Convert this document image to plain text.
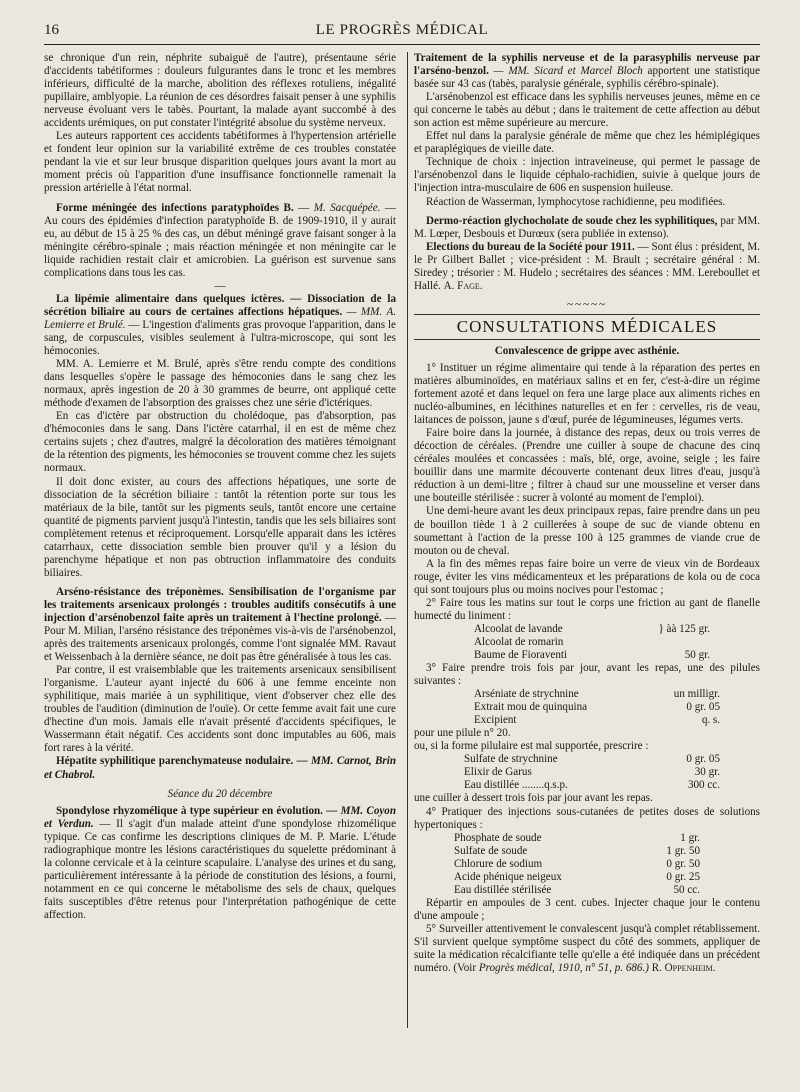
16	LE PROGRÈS MÉDICAL

se chronique d'un rein, néphrite subaiguë de l'autre), présentaune série d'accidents tabétiformes : douleurs fulgurantes dans le tronc et les membres inférieurs, difficulté de la marche, abolition des réflexes rotuliens, inégalité pupillaire, amblyopie. La réunion de ces désordres faisait penser à une syphilis nerveuse évoluant vers le tabès. Pourtant, la malade ayant succombé à des accidents urémiques, on put constater l'intégrité absolue du système nerveux.

Les auteurs rapportent ces accidents tabétiformes à l'hypertension artérielle et fondent leur opinion sur la variabilité extrême de ces troubles constatée pendant la vie et sur leur brusque disparition quelques jours avant la mort au moment précis où l'apparition d'une insuffisance fonctionnelle ramenait la pression artérielle à l'état normal.

Forme méningée des infections paratyphoïdes B. — M. Sacquépée. — Au cours des épidémies d'infection paratyphoïde B. de 1909-1910, il y aurait eu, au début de 15 à 25 % des cas, un début méningé grave faisant songer à la méningite cérébro-spinale ; mais réaction méningée et non méningite car le liquide rachidien restait clair et amicrobien. La guérison est survenue sans complications dans tous les cas.

—

La lipémie alimentaire dans quelques ictères. — Dissociation de la sécrétion biliaire au cours de certaines affections hépatiques. — MM. A. Lemierre et Brulé. — L'ingestion d'aliments gras provoque l'apparition, dans le sang, de corpuscules, visibles seulement à l'ultra-microscope, qui sont les hémoconies.

MM. A. Lemierre et M. Brulé, après s'être rendu compte des conditions dans lesquelles s'opère le passage des hémoconies dans le sang chez les normaux, après ingestion de 20 à 30 grammes de beurre, ont appliqué cette méthode d'examen de l'absorption des graisses chez une série d'ictériques.

En cas d'ictère par obstruction du cholédoque, pas d'absorption, pas d'hémoconies dans le sang. Dans l'ictère catarrhal, il en est de même chez certains sujets ; chez d'autres, malgré la décoloration des matières témoignant de la rétention des pigments, les hémoconies se trouvent comme chez les sujets normaux.

Il doit donc exister, au cours des affections hépatiques, une sorte de dissociation de la sécrétion biliaire : tantôt la rétention porte sur tous les matériaux de la bile, tantôt sur les pigments seuls, tantôt encore une certaine quantité de pigments parvient jusqu'à l'intestin, tandis que les sels biliaires sont complètement retenus et réciproquement. Lorsqu'elle apparait dans les ictères catarrhaux, cette dissociation semble bien prouver qu'il y a lésion du parenchyme hépatique et non pas obtruction inflammatoire des conduits biliaires.

Arséno-résistance des tréponèmes. Sensibilisation de l'organisme par les traitements arsenicaux prolongés : troubles auditifs consécutifs à une injection d'arsénobenzol faite après un traitement à l'hectine prolongé. — Pour M. Milian, l'arséno résistance des tréponèmes vis-à-vis de l'arsénobenzol, après des traitements arsenicaux prolongés, comme l'ont signalée MM. Ravaut et Weissenbach à la dernière séance, ne doit pas être généralisée à tous les cas.

Par contre, il est vraisemblable que les traitements arsenicaux sensibilisent l'organisme. L'auteur ayant injecté du 606 à une femme enceinte non syphilitique, mais mariée à un syphilitique, vient d'observer chez elle des troubles de l'audition (diminution de l'ouïe). Or cette femme avait fait une cure d'hectine d'un mois. Jamais elle n'avait présenté d'accidents spécifiques, le Wassermann était négatif. Ces accidents sont donc imputables au 606, mais fort rares à la vérité.

Hépatite syphilitique parenchymateuse nodulaire. — MM. Carnot, Brin et Chabrol.

Séance du 20 décembre

Spondylose rhyzomélique à type supérieur en évolution. — MM. Coyon et Verdun. — Il s'agit d'un malade atteint d'une spondylose rhizomélique typique. Ce cas confirme les descriptions cliniques de M. P. Marie. L'étude radiographique montre les lésions caractéristiques du squelette prédominant à la colonne cervicale et à la ceinture scapulaire. L'analyse des urines et du sang, particulièrement intéressante à la période de constitution des lésions, a fourni, notamment en ce qui concerne le métabolisme des sels de chaux, quelques faits susceptibles d'être retenus pour l'interprétation pathogénique de cette affection.

Traitement de la syphilis nerveuse et de la parasyphilis nerveuse par l'arséno-benzol. — MM. Sicard et Marcel Bloch apportent une statistique basée sur 43 cas (tabès, paralysie générale, syphilis cérébro-spinale).

L'arsénobenzol est efficace dans les syphilis nerveuses jeunes, même en ce qui concerne le tabès au début ; dans le traitement de cette affection au début son action est même supérieure au mercure.

Effet nul dans la paralysie générale de même que chez les hémiplégiques et paraplégiques de vieille date.

Technique de choix : injection intraveineuse, qui permet le passage de l'arsénobenzol dans le liquide céphalo-rachidien, suivie à quelque jours de l'injection intra-musculaire de 606 en suspension huileuse.

Réaction de Wasserman, lymphocytose rachidienne, peu modifiées.

Dermo-réaction glychocholate de soude chez les syphilitiques, par MM. M. Lœper, Desbouis et Durœux (sera publiée in extenso).

Elections du bureau de la Société pour 1911. — Sont élus : président, M. le Pr Gilbert Ballet ; vice-président : M. Brault ; secrétaire général : M. Siredey ; trésorier : M. Hudelo ; secrétaires des séances : MM. Lereboullet et Hallé. A. Fage.

~~~~~

CONSULTATIONS MÉDICALES

Convalescence de grippe avec asthénie.

1° Instituer un régime alimentaire qui tende à la réparation des pertes en matières albuminoïdes, en matériaux salins et en fer, c'est-à-dire un régime fortement azoté et dans lequel on fera une large place aux aliments riches en nucléo-albumines, en lécithines naturelles et en fer : cervelles, ris de veau, laitances de poisson, jaune s d'œuf, purée de légumineuses, légumes verts.

Faire boire dans la journée, à distance des repas, deux ou trois verres de décoction de céréales. (Prendre une cuiller à soupe de chacune des cinq céréales moulées et concassées : maïs, blé, orge, avoine, seigle ; les faire bouillir dans une marmite découverte contenant deux litres d'eau, jusqu'à réduction à un demi-litre ; filtrer à chaud sur une mousseline et verser dans une bouteille stérilisée : sucrer à volonté au moment de l'emploi).

Une demi-heure avant les deux principaux repas, faire prendre dans un peu de bouillon tiède 1 à 2 cuillerées à soupe de suc de viande obtenu en soumettant à l'action de la presse 100 à 125 grammes de viande crue de mouton ou de cheval.

A la fin des mêmes repas faire boire un verre de vieux vin de Bordeaux rouge, éviter les vins médicamenteux et les préparations de kola ou de coca qui sont toujours plus ou moins nocives pour l'estomac ;

2° Faire tous les matins sur tout le corps une friction au gant de flanelle humecté du liniment :

Alcoolat de lavande	} àà 125 gr.
Alcoolat de romarin
Baume de Fioraventi	50 gr.

3° Faire prendre trois fois par jour, avant les repas, une des pilules suivantes :

Arséniate de strychnine	un milligr.
Extrait mou de quinquina	0 gr. 05
Excipient	q. s.

pour une pilule n° 20.

ou, si la forme pilulaire est mal supportée, prescrire :

Sulfate de strychnine	0 gr. 05
Elixir de Garus	30 gr.
Eau distillée ........q.s.p.	300 cc.

une cuiller à dessert trois fois par jour avant les repas.

4° Pratiquer des injections sous-cutanées de petites doses de solutions hypertoniques :

Phosphate de soude	1 gr.
Sulfate de soude	1 gr. 50
Chlorure de sodium	0 gr. 50
Acide phénique neigeux	0 gr. 25
Eau distillée stérilisée	50 cc.

Répartir en ampoules de 3 cent. cubes. Injecter chaque jour le contenu d'une ampoule ;

5° Surveiller attentivement le convalescent jusqu'à complet rétablissement. S'il survient quelque symptôme suspect du côté des sommets, appliquer de suite la médication récalcifiante telle qu'elle a été indiquée dans un précédent numéro. (Voir Progrès médical, 1910, n° 51, p. 686.) R. Oppenheim.
